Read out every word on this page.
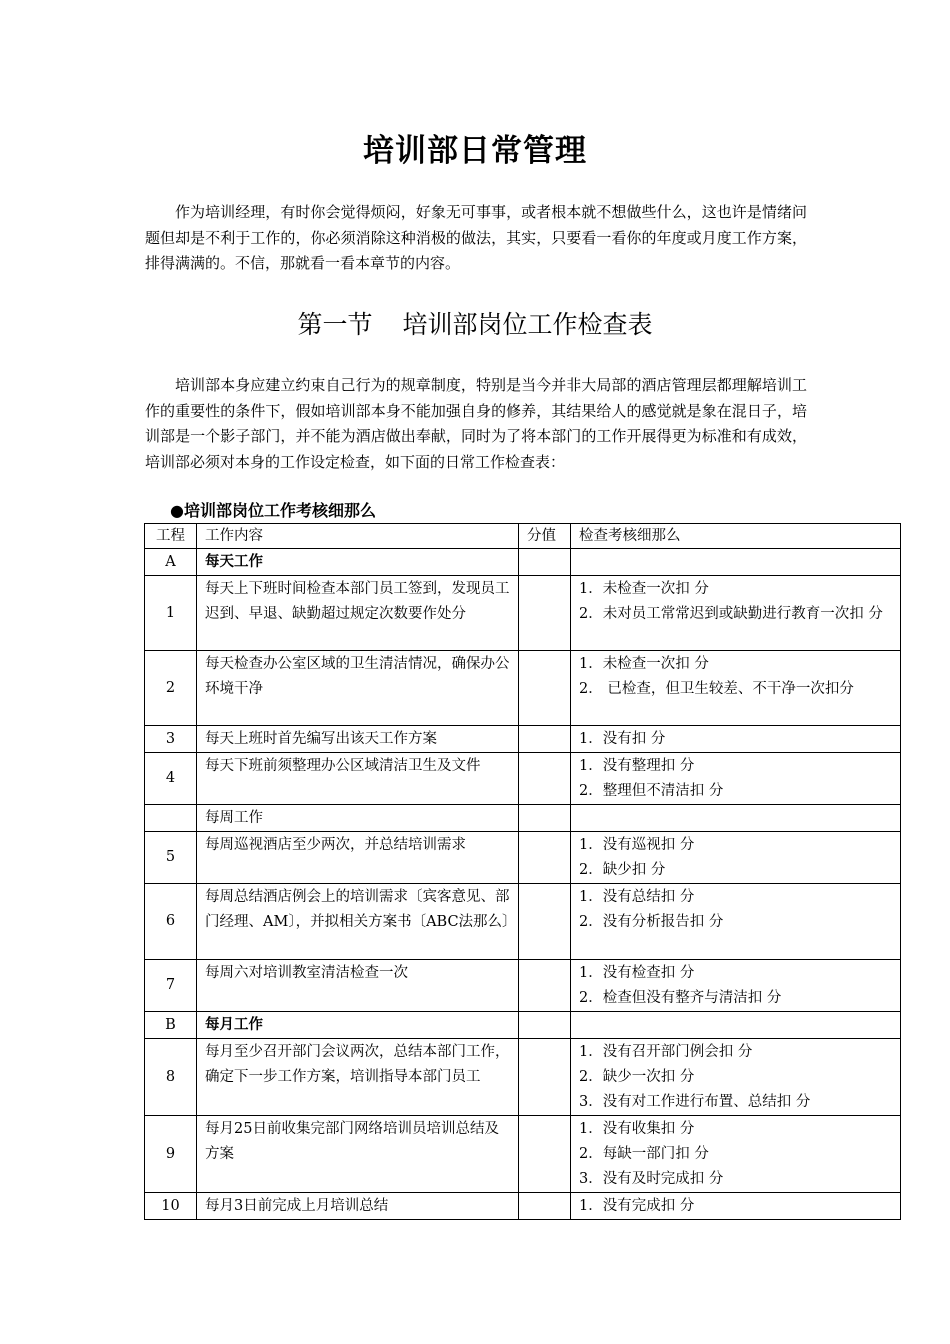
培训部日常管理
作为培训经理，有时你会觉得烦闷，好象无可事事，或者根本就不想做些什么，这也许是情绪问题但却是不利于工作的，你必须消除这种消极的做法，其实，只要看一看你的年度或月度工作方案，排得满满的。不信，那就看一看本章节的内容。
第一节 培训部岗位工作检查表
培训部本身应建立约束自己行为的规章制度，特别是当今并非大局部的酒店管理层都理解培训工作的重要性的条件下，假如培训部本身不能加强自身的修养，其结果给人的感觉就是象在混日子，培训部是一个影子部门，并不能为酒店做出奉献，同时为了将本部门的工作开展得更为标准和有成效，培训部必须对本身的工作设定检查，如下面的日常工作检查表：
●培训部岗位工作考核细那么
工程	工作内容	分值	检查考核细那么
A	每天工作		
1	每天上下班时间检查本部门员工签到，发现员工迟到、早退、缺勤超过规定次数要作处分		1．未检查一次扣 分
2．未对员工常常迟到或缺勤进行教育一次扣 分

2	每天检查办公室区域的卫生清洁情况，确保办公环境干净		1．未检查一次扣 分
2． 已检查，但卫生较差、不干净一次扣分

3	每天上班时首先编写出该天工作方案		1．没有扣 分

4	每天下班前须整理办公区域清洁卫生及文件		1．没有整理扣 分
2．整理但不清洁扣 分

	每周工作		
5	每周巡视酒店至少两次，并总结培训需求		1．没有巡视扣 分
2．缺少扣 分

6	每周总结酒店例会上的培训需求〔宾客意见、部门经理、AM〕，并拟相关方案书〔ABC法那么〕		1．没有总结扣 分
2．没有分析报告扣 分

7	每周六对培训教室清洁检查一次		1．没有检查扣 分
2．检查但没有整齐与清洁扣 分

B	每月工作		
8	每月至少召开部门会议两次，总结本部门工作，确定下一步工作方案，培训指导本部门员工		1．没有召开部门例会扣 分
2．缺少一次扣 分
3．没有对工作进行布置、总结扣 分

9	每月25日前收集完部门网络培训员培训总结及方案		1．没有收集扣 分
2．每缺一部门扣 分
3．没有及时完成扣 分

10	每月3日前完成上月培训总结		1．没有完成扣 分
